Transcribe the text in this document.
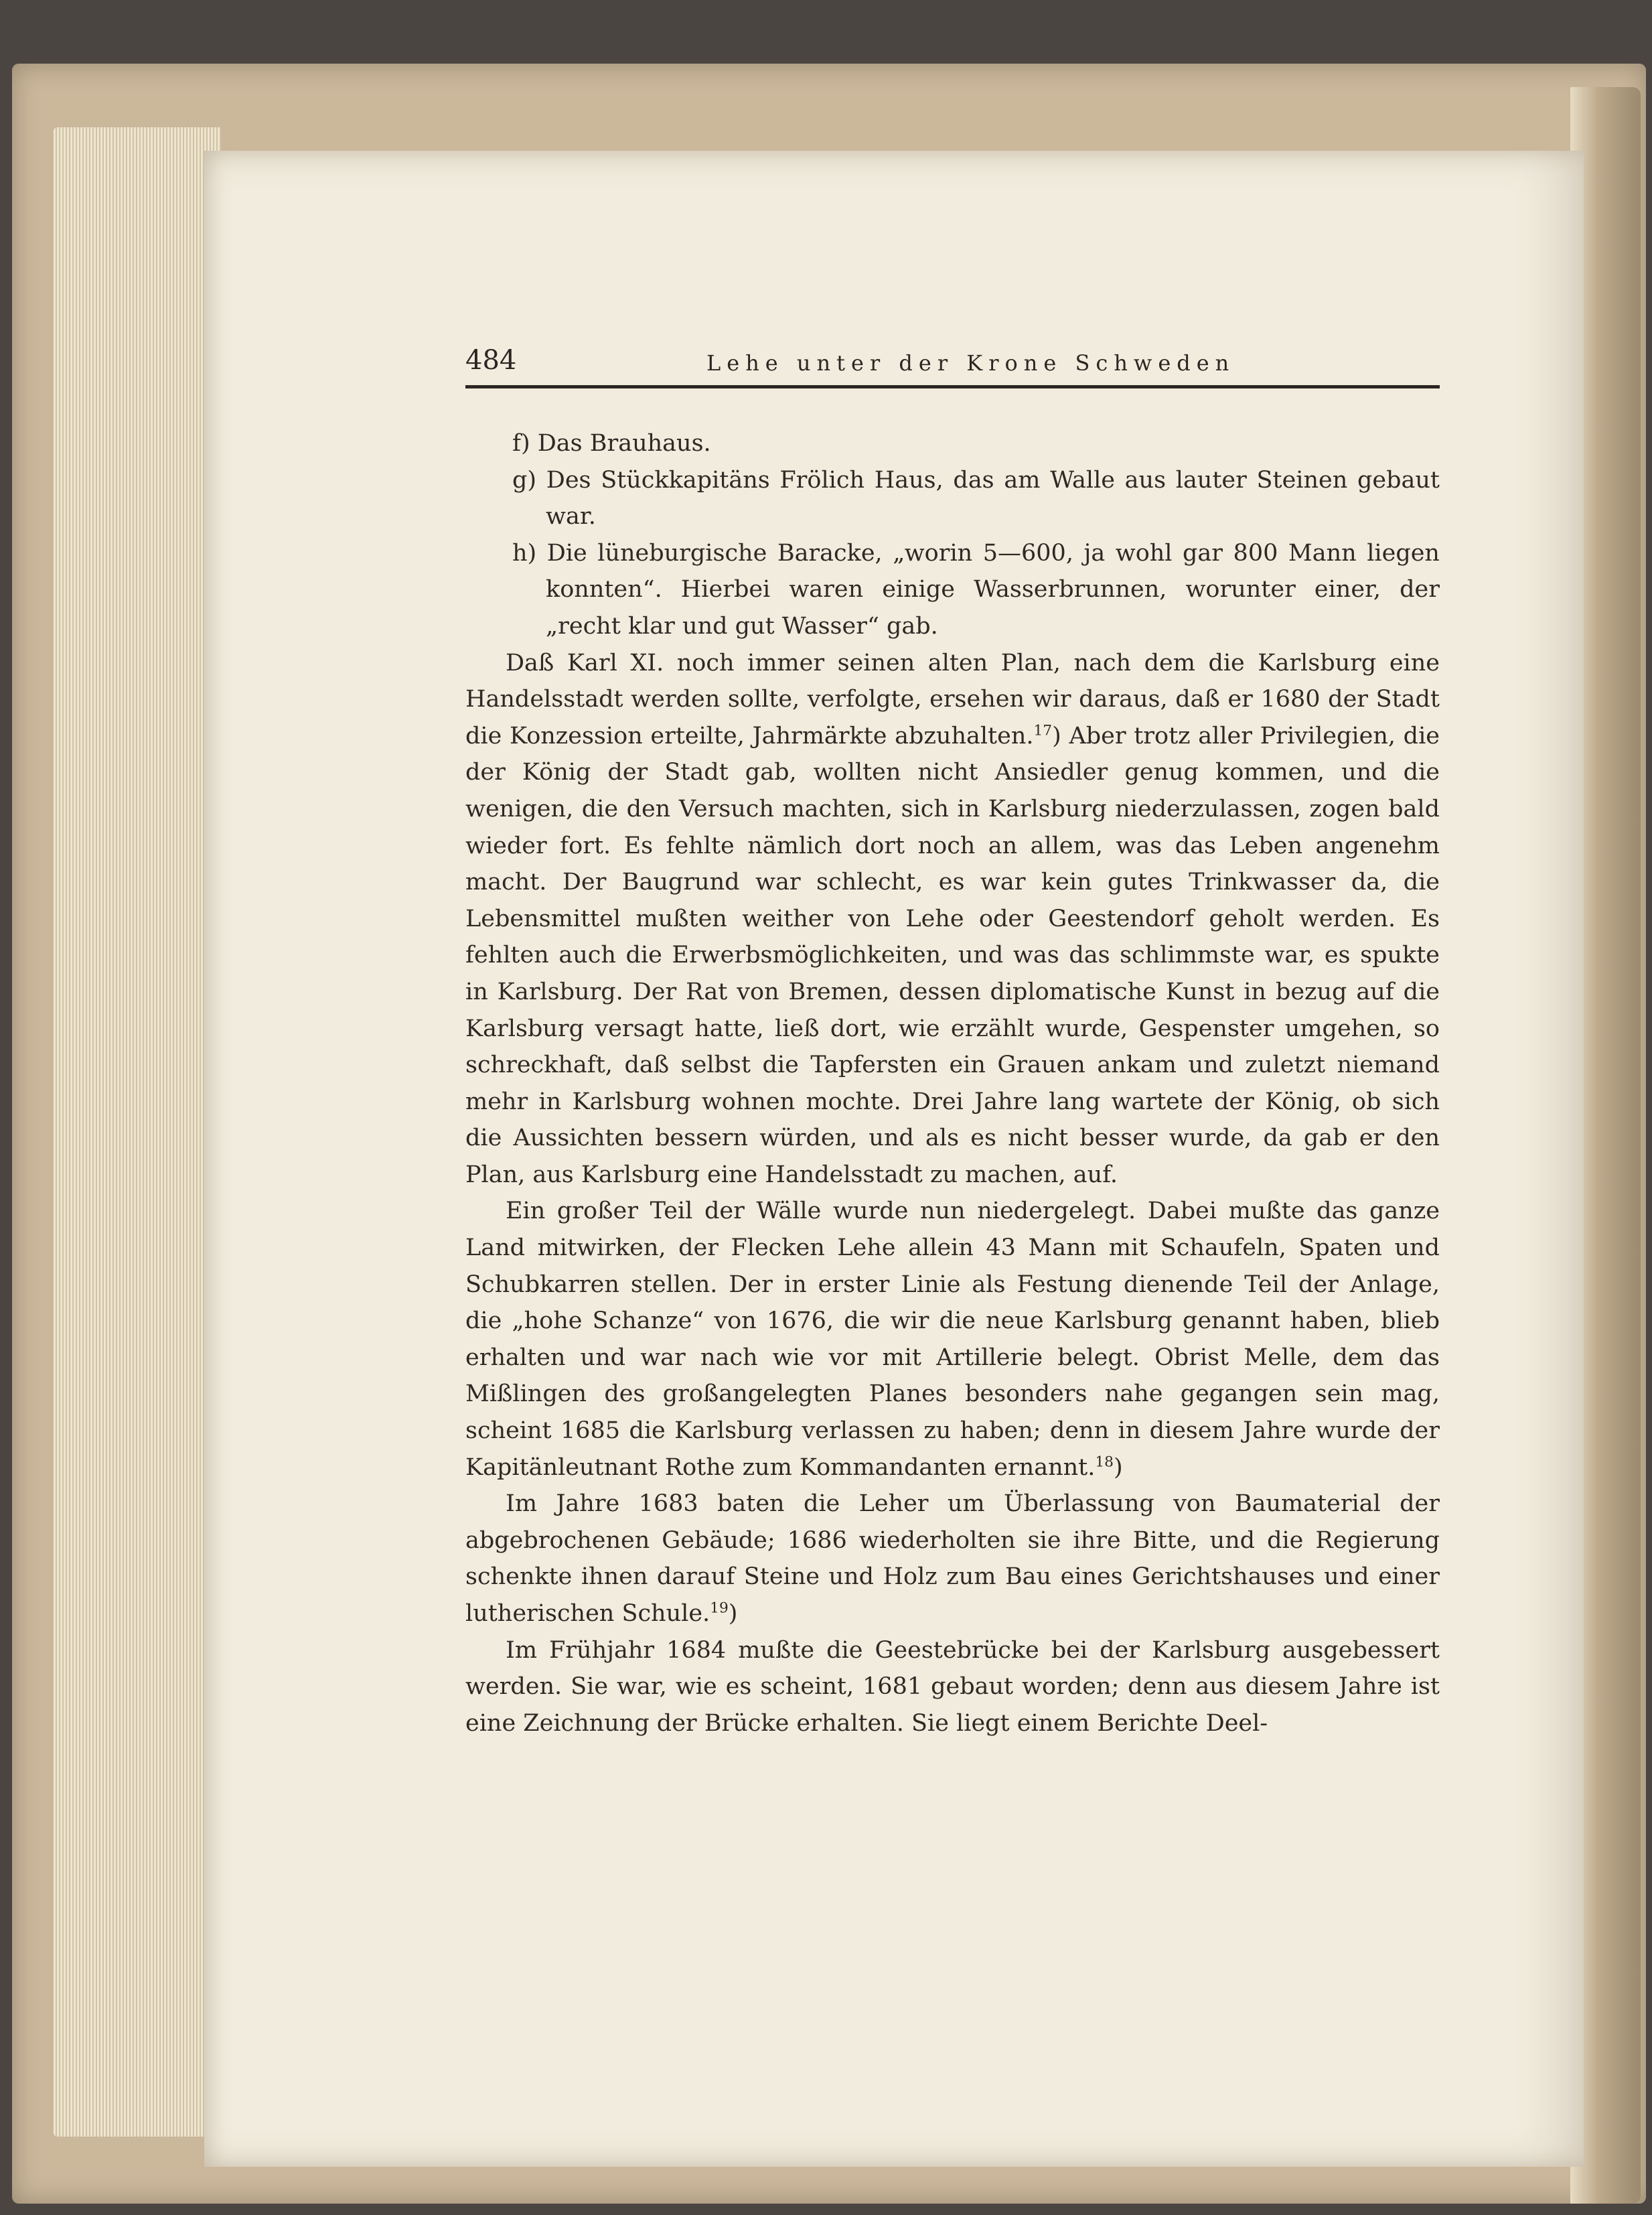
484	Lehe unter der Krone Schweden

f) Das Brauhaus.

g) Des Stückkapitäns Frölich Haus, das am Walle aus lauter Steinen gebaut war.

h) Die lüneburgische Baracke, „worin 5—600, ja wohl gar 800 Mann liegen konnten“. Hierbei waren einige Wasserbrunnen, worunter einer, der „recht klar und gut Wasser“ gab.

Daß Karl XI. noch immer seinen alten Plan, nach dem die Karlsburg eine Handelsstadt werden sollte, verfolgte, ersehen wir daraus, daß er 1680 der Stadt die Konzession erteilte, Jahrmärkte abzuhalten.$^{17}$) Aber trotz aller Privilegien, die der König der Stadt gab, wollten nicht Ansiedler genug kommen, und die wenigen, die den Versuch machten, sich in Karlsburg niederzulassen, zogen bald wieder fort. Es fehlte nämlich dort noch an allem, was das Leben angenehm macht. Der Baugrund war schlecht, es war kein gutes Trinkwasser da, die Lebensmittel mußten weither von Lehe oder Geestendorf geholt werden. Es fehlten auch die Erwerbsmöglichkeiten, und was das schlimmste war, es spukte in Karlsburg. Der Rat von Bremen, dessen diplomatische Kunst in bezug auf die Karlsburg versagt hatte, ließ dort, wie erzählt wurde, Gespenster umgehen, so schreckhaft, daß selbst die Tapfersten ein Grauen ankam und zuletzt niemand mehr in Karlsburg wohnen mochte. Drei Jahre lang wartete der König, ob sich die Aussichten bessern würden, und als es nicht besser wurde, da gab er den Plan, aus Karlsburg eine Handelsstadt zu machen, auf.

Ein großer Teil der Wälle wurde nun niedergelegt. Dabei mußte das ganze Land mitwirken, der Flecken Lehe allein 43 Mann mit Schaufeln, Spaten und Schubkarren stellen. Der in erster Linie als Festung dienende Teil der Anlage, die „hohe Schanze“ von 1676, die wir die neue Karlsburg genannt haben, blieb erhalten und war nach wie vor mit Artillerie belegt. Obrist Melle, dem das Mißlingen des großangelegten Planes besonders nahe gegangen sein mag, scheint 1685 die Karlsburg verlassen zu haben; denn in diesem Jahre wurde der Kapitänleutnant Rothe zum Kommandanten ernannt.$^{18}$)

Im Jahre 1683 baten die Leher um Überlassung von Baumaterial der abgebrochenen Gebäude; 1686 wiederholten sie ihre Bitte, und die Regierung schenkte ihnen darauf Steine und Holz zum Bau eines Gerichtshauses und einer lutherischen Schule.$^{19}$)

Im Frühjahr 1684 mußte die Geestebrücke bei der Karlsburg ausgebessert werden. Sie war, wie es scheint, 1681 gebaut worden; denn aus diesem Jahre ist eine Zeichnung der Brücke erhalten. Sie liegt einem Berichte Deel-
